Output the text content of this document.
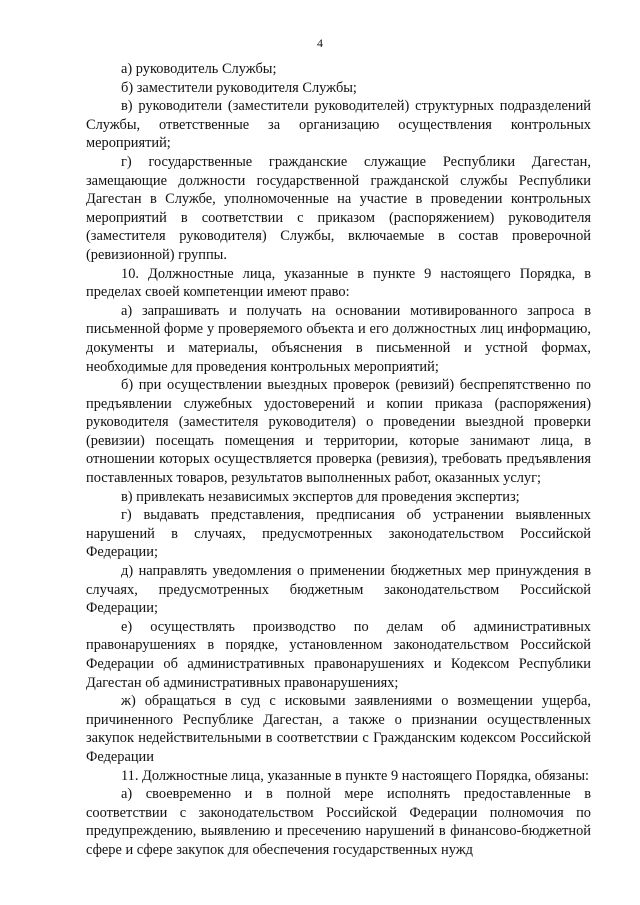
4

а) руководитель Службы;

б) заместители руководителя Службы;

в) руководители (заместители руководителей) структурных подразделений Службы, ответственные за организацию осуществления контрольных мероприятий;

г) государственные гражданские служащие Республики Дагестан, замещающие должности государственной гражданской службы Республики Дагестан в Службе, уполномоченные на участие в проведении контрольных мероприятий в соответствии с приказом (распоряжением) руководителя (заместителя руководителя) Службы, включаемые в состав проверочной (ревизионной) группы.

10. Должностные лица, указанные в пункте 9 настоящего Порядка, в пределах своей компетенции имеют право:

а) запрашивать и получать на основании мотивированного запроса в письменной форме у проверяемого объекта и его должностных лиц информацию, документы и материалы, объяснения в письменной и устной формах, необходимые для проведения контрольных мероприятий;

б) при осуществлении выездных проверок (ревизий) беспрепятственно по предъявлении служебных удостоверений и копии приказа (распоряжения) руководителя (заместителя руководителя) о проведении выездной проверки (ревизии) посещать помещения и территории, которые занимают лица, в отношении которых осуществляется проверка (ревизия), требовать предъявления поставленных товаров, результатов выполненных работ, оказанных услуг;

в) привлекать независимых экспертов для проведения экспертиз;

г) выдавать представления, предписания об устранении выявленных нарушений в случаях, предусмотренных законодательством Российской Федерации;

д) направлять уведомления о применении бюджетных мер принуждения в случаях, предусмотренных бюджетным законодательством Российской Федерации;

е) осуществлять производство по делам об административных правонарушениях в порядке, установленном законодательством Российской Федерации об административных правонарушениях и Кодексом Республики Дагестан об административных правонарушениях;

ж) обращаться в суд с исковыми заявлениями о возмещении ущерба, причиненного Республике Дагестан, а также о признании осуществленных закупок недействительными в соответствии с Гражданским кодексом Российской Федерации

11. Должностные лица, указанные в пункте 9 настоящего Порядка, обязаны:

а) своевременно и в полной мере исполнять предоставленные в соответствии с законодательством Российской Федерации полномочия по предупреждению, выявлению и пресечению нарушений в финансово-бюджетной сфере и сфере закупок для обеспечения государственных нужд
